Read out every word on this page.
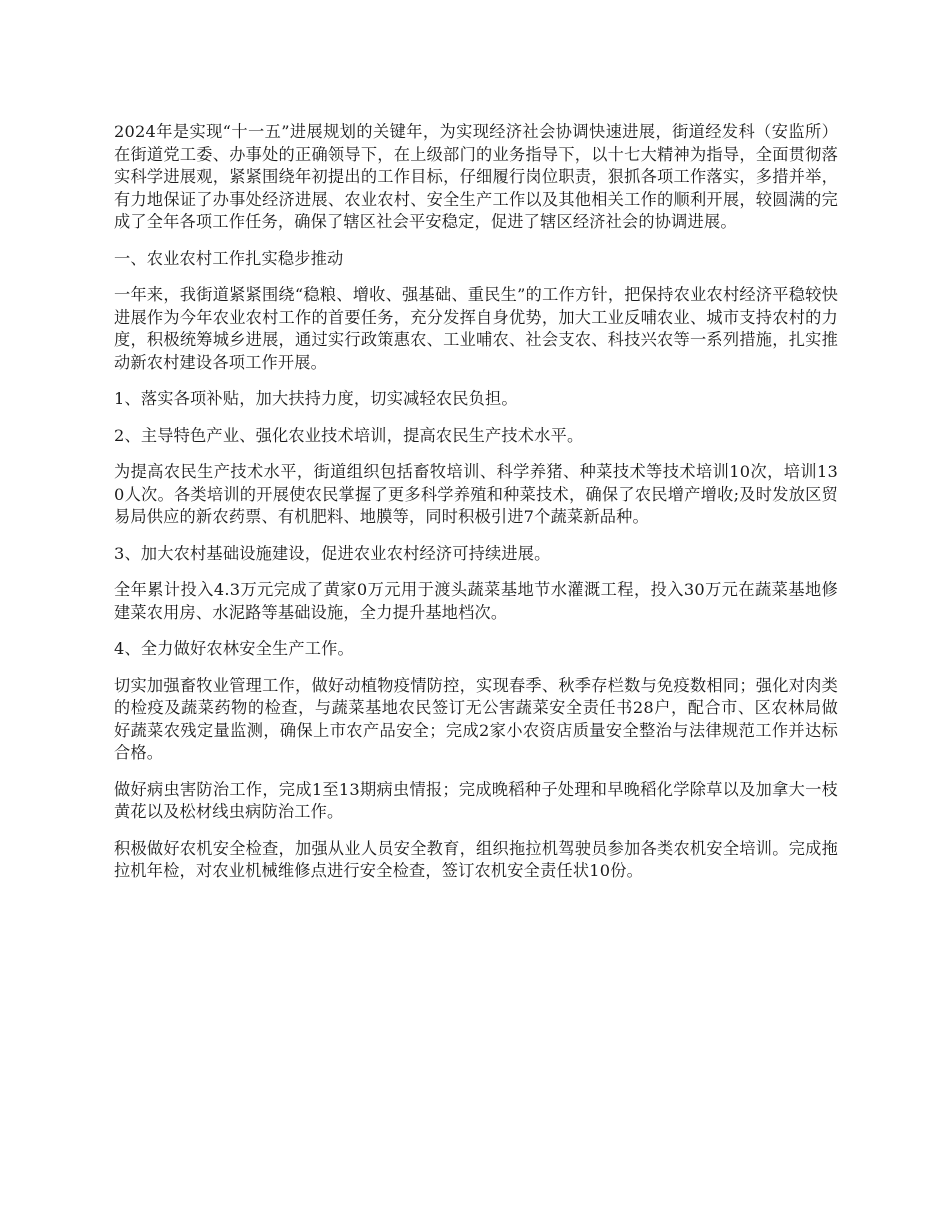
2024年是实现“十一五”进展规划的关键年，为实现经济社会协调快速进展，街道经发科（安监所）在街道党工委、办事处的正确领导下，在上级部门的业务指导下，以十七大精神为指导，全面贯彻落实科学进展观，紧紧围绕年初提出的工作目标，仔细履行岗位职责，狠抓各项工作落实，多措并举，有力地保证了办事处经济进展、农业农村、安全生产工作以及其他相关工作的顺利开展，较圆满的完成了全年各项工作任务，确保了辖区社会平安稳定，促进了辖区经济社会的协调进展。

一、农业农村工作扎实稳步推动

一年来，我街道紧紧围绕“稳粮、增收、强基础、重民生”的工作方针，把保持农业农村经济平稳较快进展作为今年农业农村工作的首要任务，充分发挥自身优势，加大工业反哺农业、城市支持农村的力度，积极统筹城乡进展，通过实行政策惠农、工业哺农、社会支农、科技兴农等一系列措施，扎实推动新农村建设各项工作开展。

1、落实各项补贴，加大扶持力度，切实减轻农民负担。

2、主导特色产业、强化农业技术培训，提高农民生产技术水平。

为提高农民生产技术水平，街道组织包括畜牧培训、科学养猪、种菜技术等技术培训10次，培训130人次。各类培训的开展使农民掌握了更多科学养殖和种菜技术，确保了农民增产增收;及时发放区贸易局供应的新农药票、有机肥料、地膜等，同时积极引进7个蔬菜新品种。

3、加大农村基础设施建设，促进农业农村经济可持续进展。

全年累计投入4.3万元完成了黄家0万元用于渡头蔬菜基地节水灌溉工程，投入30万元在蔬菜基地修建菜农用房、水泥路等基础设施，全力提升基地档次。

4、全力做好农林安全生产工作。

切实加强畜牧业管理工作，做好动植物疫情防控，实现春季、秋季存栏数与免疫数相同；强化对肉类的检疫及蔬菜药物的检查，与蔬菜基地农民签订无公害蔬菜安全责任书28户，配合市、区农林局做好蔬菜农残定量监测，确保上市农产品安全；完成2家小农资店质量安全整治与法律规范工作并达标合格。

做好病虫害防治工作，完成1至13期病虫情报；完成晚稻种子处理和早晚稻化学除草以及加拿大一枝黄花以及松材线虫病防治工作。

积极做好农机安全检查，加强从业人员安全教育，组织拖拉机驾驶员参加各类农机安全培训。完成拖拉机年检，对农业机械维修点进行安全检查，签订农机安全责任状10份。
